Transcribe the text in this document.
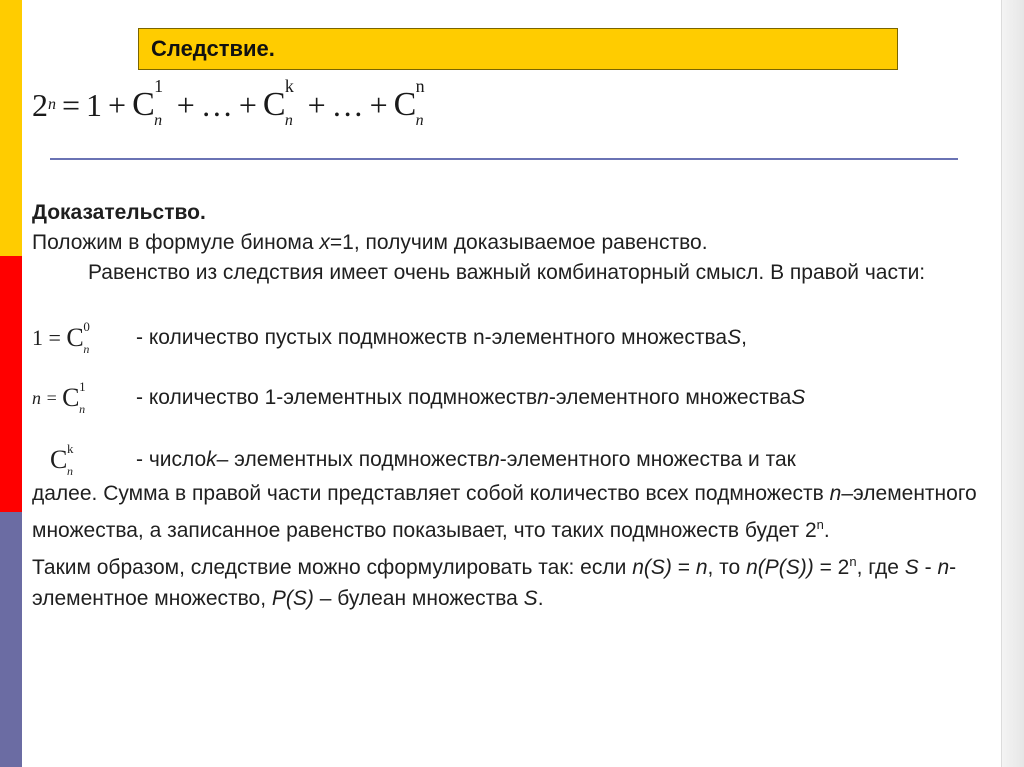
Следствие.
2 n = 1 + C 1
n + … + C k
n + … + C n
n
Доказательство.
Положим в формуле бинома x=1, получим доказываемое равенство.
Равенство из следствия имеет очень важный комбинаторный смысл. В правой части:
1 =
C 0
n - количество пустых подмножеств n-элементного множества S ,
n =
C 1
n - количество 1-элементных подмножеств n -элементного множества S
C k
n	- число k – элементных подмножеств n -элементного множества и так
далее. Сумма в правой части представляет собой количество всех подмножеств n–элементного множества, а записанное равенство показывает, что таких подмножеств будет 2$^n$.
Таким образом, следствие можно сформулировать так: если n(S) = n, то $n(P(S)) = 2^n$, где S - n-элементное множество, P(S) – булеан множества S.
